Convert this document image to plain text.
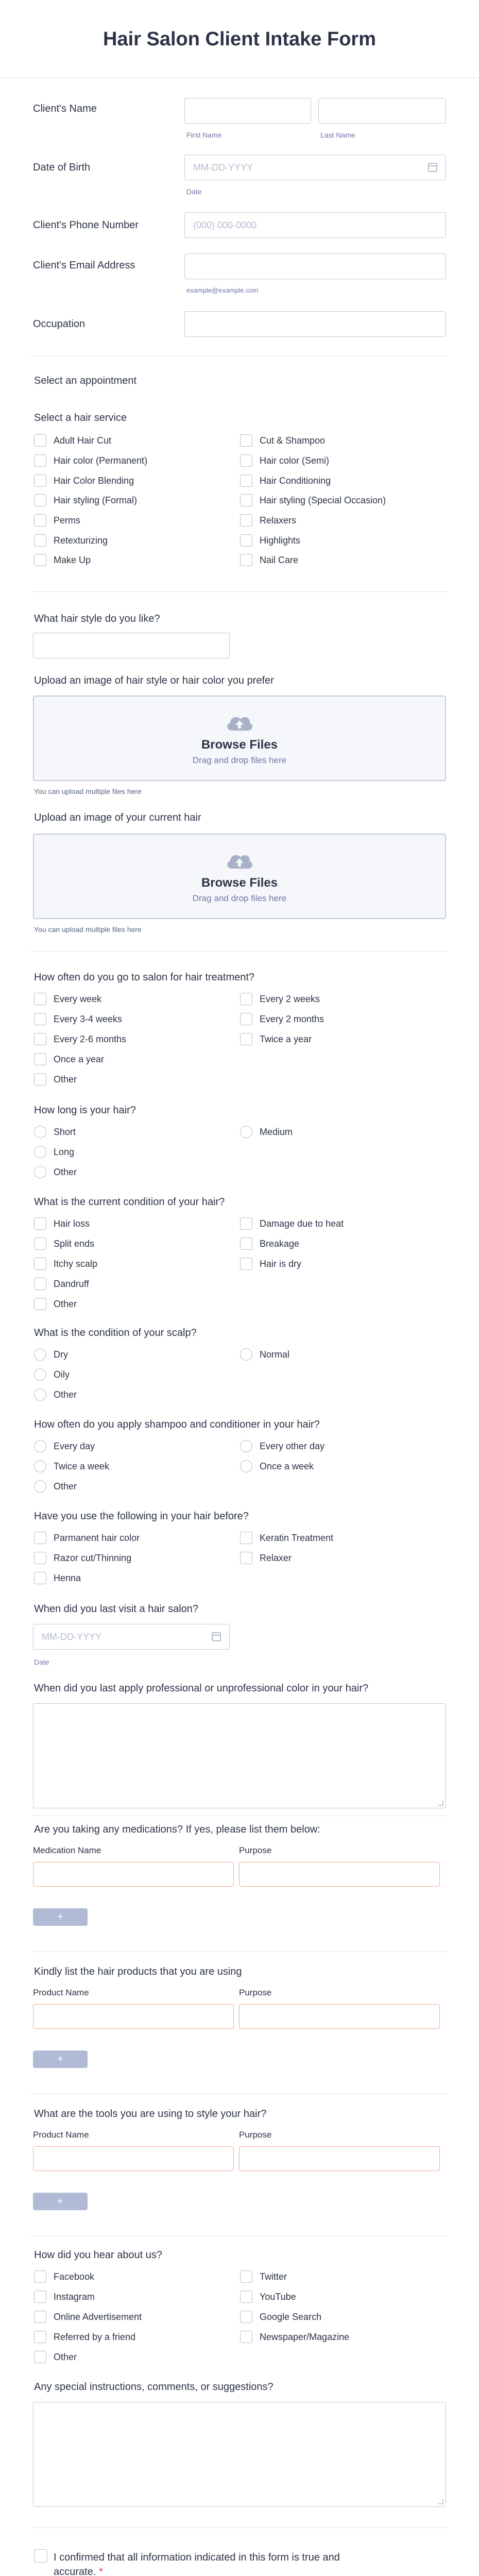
Hair Salon Client Intake Form
Client's Name
First Name	Last Name
Date of Birth	MM-DD-YYYY
Date
Client's Phone Number	(000) 000-0000
Client's Email Address
example@example.com
Occupation
Select an appointment
Select a hair service
Adult Hair Cut
Hair color (Permanent)
Hair Color Blending
Hair styling (Formal)
Perms
Retexturizing
Make Up
Cut & Shampoo
Hair color (Semi)
Hair Conditioning
Hair styling (Special Occasion)
Relaxers
Highlights
Nail Care
What hair style do you like?
Upload an image of hair style or hair color you prefer
Browse Files
Drag and drop files here
You can upload multiple files here
Upload an image of your current hair
Browse Files
Drag and drop files here
You can upload multiple files here
How often do you go to salon for hair treatment?
Every week
Every 3-4 weeks
Every 2-6 months
Once a year
Other
Every 2 weeks
Every 2 months
Twice a year
How long is your hair?
Short
Long
Other
Medium
What is the current condition of your hair?
Hair loss
Split ends
Itchy scalp
Dandruff
Other
Damage due to heat
Breakage
Hair is dry
What is the condition of your scalp?
Dry
Oily
Other
Normal
How often do you apply shampoo and conditioner in your hair?
Every day
Twice a week
Other
Every other day
Once a week
Have you use the following in your hair before?
Parmanent hair color
Razor cut/Thinning
Henna
Keratin Treatment
Relaxer
When did you last visit a hair salon?
MM-DD-YYYY
Date
When did you last apply professional or unprofessional color in your hair?
Are you taking any medications? If yes, please list them below:
Medication Name	Purpose
+
Kindly list the hair products that you are using
Product Name	Purpose
+
What are the tools you are using to style your hair?
Product Name	Purpose
+
How did you hear about us?
Facebook
Instagram
Online Advertisement
Referred by a friend
Other
Twitter
YouTube
Google Search
Newspaper/Magazine
Any special instructions, comments, or suggestions?
I confirmed that all information indicated in this form is true and accurate. *
